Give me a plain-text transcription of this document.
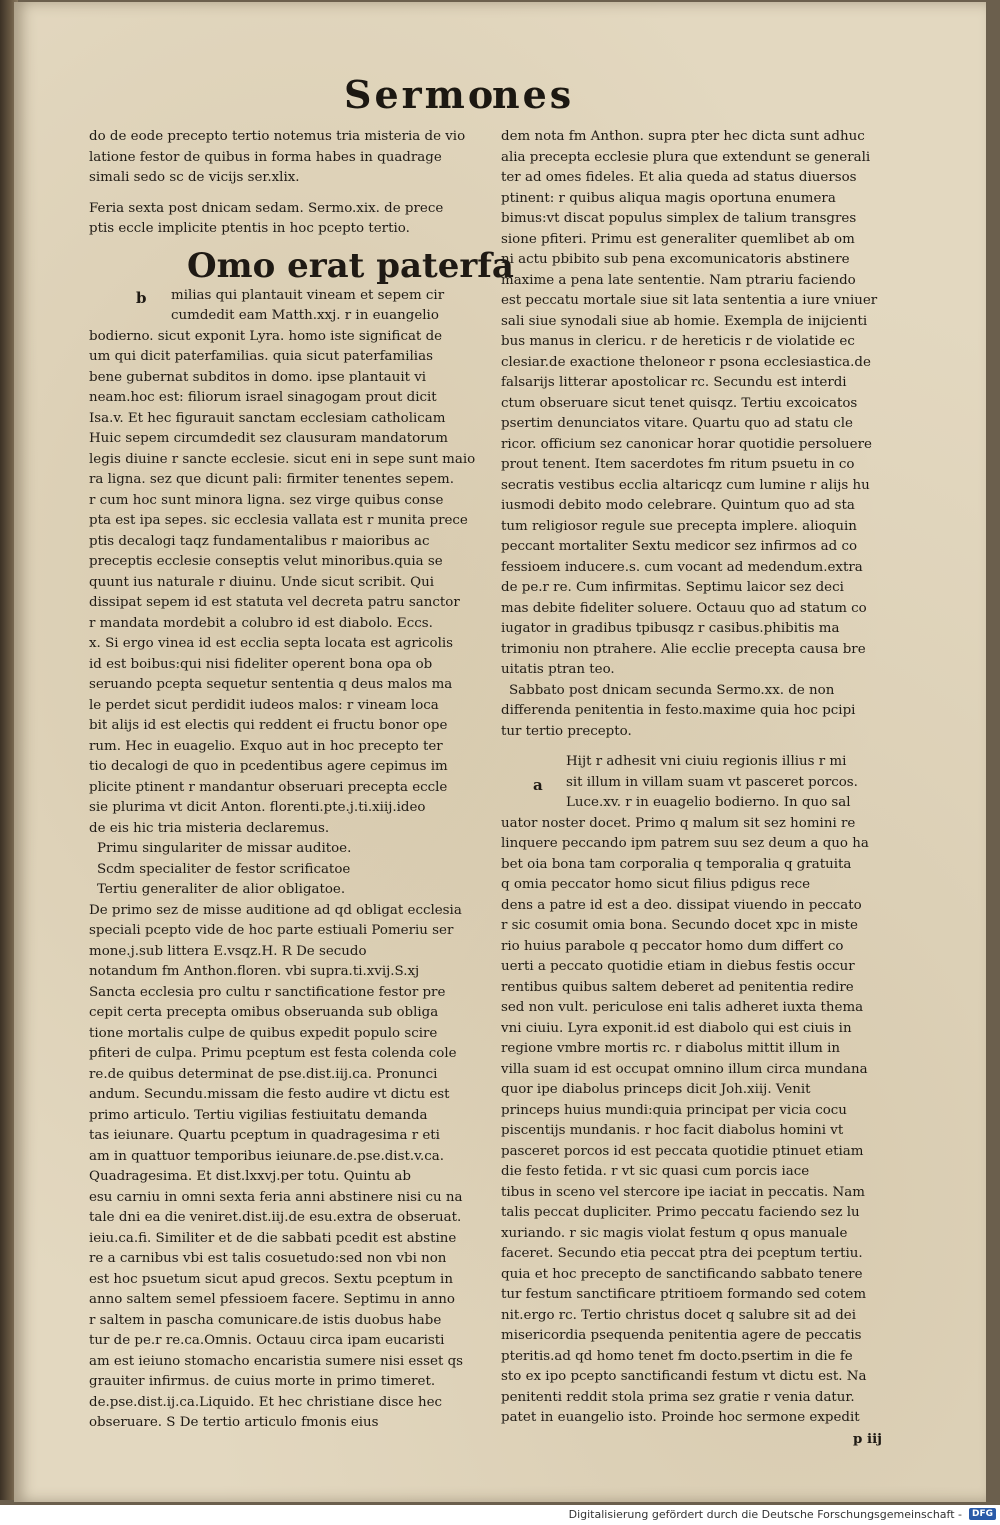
Sermo
nes
do de eode precepto tertio notemus tria misteria de vio
latione festor de quibus in forma habes in quadrage
simali sedo sc de vicijs ser.xlix.
Feria sexta post dnicam sedam. Sermo.xix. de prece
ptis eccle implicite ptentis in hoc pcepto tertio.
Omo erat paterfa
b milias qui plantauit vineam et sepem cir
cumdedit eam Matth.xxj. r in euangelio
bodierno. sicut exponit Lyra. homo iste significat de
um qui dicit paterfamilias. quia sicut paterfamilias
bene gubernat subditos in domo. ipse plantauit vi
neam.hoc est: filiorum israel sinagogam prout dicit
Isa.v. Et hec figurauit sanctam ecclesiam catholicam
Huic sepem circumdedit sez clausuram mandatorum
legis diuine r sancte ecclesie. sicut eni in sepe sunt maio
ra ligna. sez que dicunt pali: firmiter tenentes sepem.
r cum hoc sunt minora ligna. sez virge quibus conse
pta est ipa sepes. sic ecclesia vallata est r munita prece
ptis decalogi taqz fundamentalibus r maioribus ac
preceptis ecclesie conseptis velut minoribus.quia se
quunt ius naturale r diuinu. Unde sicut scribit. Qui
dissipat sepem id est statuta vel decreta patru sanctor
r mandata mordebit a colubro id est diabolo. Eccs.
x. Si ergo vinea id est ecclia septa locata est agricolis
id est boibus:qui nisi fideliter operent bona opa ob
seruando pcepta sequetur sententia q deus malos ma
le perdet sicut perdidit iudeos malos: r vineam loca
bit alijs id est electis qui reddent ei fructu bonor ope
rum. Hec in euagelio. Exquo aut in hoc precepto ter
tio decalogi de quo in pcedentibus agere cepimus im
plicite ptinent r mandantur obseruari precepta eccle
sie plurima vt dicit Anton. florenti.pte.j.ti.xiij.ideo
de eis hic tria misteria declaremus.
Primu singulariter de missar auditoe.
Scdm specialiter de festor scrificatoe
Tertiu generaliter de alior obligatoe.
De primo sez de misse auditione ad qd obligat ecclesia
speciali pcepto vide de hoc parte estiuali Pomeriu ser
mone.j.sub littera E.vsqz.H. R De secudo
notandum fm Anthon.floren. vbi supra.ti.xvij.S.xj
Sancta ecclesia pro cultu r sanctificatione festor pre
cepit certa precepta omibus obseruanda sub obliga
tione mortalis culpe de quibus expedit populo scire
pfiteri de culpa. Primu pceptum est festa colenda cole
re.de quibus determinat de pse.dist.iij.ca. Pronunci
andum. Secundu.missam die festo audire vt dictu est
primo articulo. Tertiu vigilias festiuitatu demanda
tas ieiunare. Quartu pceptum in quadragesima r eti
am in quattuor temporibus ieiunare.de.pse.dist.v.ca.
Quadragesima. Et dist.lxxvj.per totu. Quintu ab
esu carniu in omni sexta feria anni abstinere nisi cu na
tale dni ea die veniret.dist.iij.de esu.extra de obseruat.
ieiu.ca.fi. Similiter et de die sabbati pcedit est abstine
re a carnibus vbi est talis cosuetudo:sed non vbi non
est hoc psuetum sicut apud grecos. Sextu pceptum in
anno saltem semel pfessioem facere. Septimu in anno
r saltem in pascha comunicare.de istis duobus habe
tur de pe.r re.ca.Omnis. Octauu circa ipam eucaristi
am est ieiuno stomacho encaristia sumere nisi esset qs
grauiter infirmus. de cuius morte in primo timeret.
de.pse.dist.ij.ca.Liquido. Et hec christiane disce hec
obseruare. S De tertio articulo fmonis eius
dem nota fm Anthon. supra pter hec dicta sunt adhuc
alia precepta ecclesie plura que extendunt se generali
ter ad omes fideles. Et alia queda ad status diuersos
ptinent: r quibus aliqua magis oportuna enumera
bimus:vt discat populus simplex de talium transgres
sione pfiteri. Primu est generaliter quemlibet ab om
ni actu pbibito sub pena excomunicatoris abstinere
maxime a pena late sententie. Nam ptrariu faciendo
est peccatu mortale siue sit lata sententia a iure vniuer
sali siue synodali siue ab homie. Exempla de inijcienti
bus manus in clericu. r de hereticis r de violatide ec
clesiar.de exactione theloneor r psona ecclesiastica.de
falsarijs litterar apostolicar rc. Secundu est interdi
ctum obseruare sicut tenet quisqz. Tertiu excoicatos
psertim denunciatos vitare. Quartu quo ad statu cle
ricor. officium sez canonicar horar quotidie persoluere
prout tenent. Item sacerdotes fm ritum psuetu in co
secratis vestibus ecclia altaricqz cum lumine r alijs hu
iusmodi debito modo celebrare. Quintum quo ad sta
tum religiosor regule sue precepta implere. alioquin
peccant mortaliter Sextu medicor sez infirmos ad co
fessioem inducere.s. cum vocant ad medendum.extra
de pe.r re. Cum infirmitas. Septimu laicor sez deci
mas debite fideliter soluere. Octauu quo ad statum co
iugator in gradibus tpibusqz r casibus.phibitis ma
trimoniu non ptrahere. Alie ecclie precepta causa bre
uitatis ptran teo.
Sabbato post dnicam secunda Sermo.xx. de non
differenda penitentia in festo.maxime quia hoc pcipi
tur tertio precepto.
Hijt r adhesit vni ciuiu regionis illius r mi
a sit illum in villam suam vt pasceret porcos.
Luce.xv. r in euagelio bodierno. In quo sal
uator noster docet. Primo q malum sit sez homini re
linquere peccando ipm patrem suu sez deum a quo ha
bet oia bona tam corporalia q temporalia q gratuita
q omia peccator homo sicut filius pdigus rece
dens a patre id est a deo. dissipat viuendo in peccato
r sic cosumit omia bona. Secundo docet xpc in miste
rio huius parabole q peccator homo dum differt co
uerti a peccato quotidie etiam in diebus festis occur
rentibus quibus saltem deberet ad penitentia redire
sed non vult. periculose eni talis adheret iuxta thema
vni ciuiu. Lyra exponit.id est diabolo qui est ciuis in
regione vmbre mortis rc. r diabolus mittit illum in
villa suam id est occupat omnino illum circa mundana
quor ipe diabolus princeps dicit Joh.xiij. Venit
princeps huius mundi:quia principat per vicia cocu
piscentijs mundanis. r hoc facit diabolus homini vt
pasceret porcos id est peccata quotidie ptinuet etiam
die festo fetida. r vt sic quasi cum porcis iace
tibus in sceno vel stercore ipe iaciat in peccatis. Nam
talis peccat dupliciter. Primo peccatu faciendo sez lu
xuriando. r sic magis violat festum q opus manuale
faceret. Secundo etia peccat ptra dei pceptum tertiu.
quia et hoc precepto de sanctificando sabbato tenere
tur festum sanctificare ptritioem formando sed cotem
nit.ergo rc. Tertio christus docet q salubre sit ad dei
misericordia psequenda penitentia agere de peccatis
pteritis.ad qd homo tenet fm docto.psertim in die fe
sto ex ipo pcepto sanctificandi festum vt dictu est. Na
penitenti reddit stola prima sez gratie r venia datur.
patet in euangelio isto. Proinde hoc sermone expedit
p iij
Digitalisierung gefördert durch die Deutsche Forschungsgemeinschaft -	DFG
